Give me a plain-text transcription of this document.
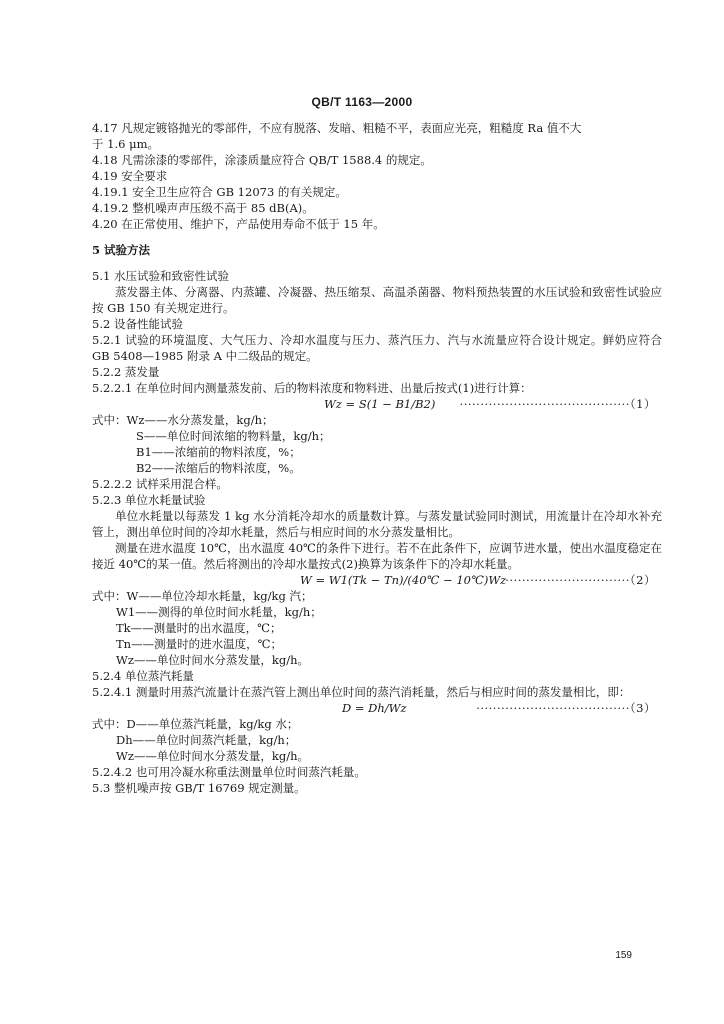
QB/T 1163—2000
4.17 凡规定镀铬抛光的零部件，不应有脱落、发暗、粗糙不平，表面应光亮，粗糙度 Ra 值不大
于 1.6 μm。
4.18 凡需涂漆的零部件，涂漆质量应符合 QB/T 1588.4 的规定。
4.19 安全要求
4.19.1 安全卫生应符合 GB 12073 的有关规定。
4.19.2 整机噪声声压级不高于 85 dB(A)。
4.20 在正常使用、维护下，产品使用寿命不低于 15 年。
5 试验方法
5.1 水压试验和致密性试验
蒸发器主体、分离器、内蒸罐、冷凝器、热压缩泵、高温杀菌器、物料预热装置的水压试验和致密性试验应按 GB 150 有关规定进行。
5.2 设备性能试验
5.2.1 试验的环境温度、大气压力、冷却水温度与压力、蒸汽压力、汽与水流量应符合设计规定。鲜奶应符合 GB 5408—1985 附录 A 中二级品的规定。
5.2.2 蒸发量
5.2.2.1 在单位时间内测量蒸发前、后的物料浓度和物料进、出量后按式(1)进行计算：
Wz = S(1 − B1/B2) ·········································（1）
式中：Wz——水分蒸发量，kg/h；
S——单位时间浓缩的物料量，kg/h；
B1——浓缩前的物料浓度，%；
B2——浓缩后的物料浓度，%。
5.2.2.2 试样采用混合样。
5.2.3 单位水耗量试验
单位水耗量以每蒸发 1 kg 水分消耗冷却水的质量数计算。与蒸发量试验同时测试，用流量计在冷却水补充管上，测出单位时间的冷却水耗量，然后与相应时间的水分蒸发量相比。
测量在进水温度 10℃，出水温度 40℃的条件下进行。若不在此条件下，应调节进水量，使出水温度稳定在接近 40℃的某一值。然后将测出的冷却水量按式(2)换算为该条件下的冷却水耗量。
W = W1(Tk − Tn)/(40℃ − 10℃)Wz ······························（2）
式中：W——单位冷却水耗量，kg/kg 汽；
W1——测得的单位时间水耗量，kg/h；
Tk——测量时的出水温度，℃；
Tn——测量时的进水温度，℃；
Wz——单位时间水分蒸发量，kg/h。
5.2.4 单位蒸汽耗量
5.2.4.1 测量时用蒸汽流量计在蒸汽管上测出单位时间的蒸汽消耗量，然后与相应时间的蒸发量相比，即：
D = Dh/Wz	·····································（3）
式中：D——单位蒸汽耗量，kg/kg 水；
Dh——单位时间蒸汽耗量，kg/h；
Wz——单位时间水分蒸发量，kg/h。
5.2.4.2 也可用冷凝水称重法测量单位时间蒸汽耗量。
5.3 整机噪声按 GB/T 16769 规定测量。
159
